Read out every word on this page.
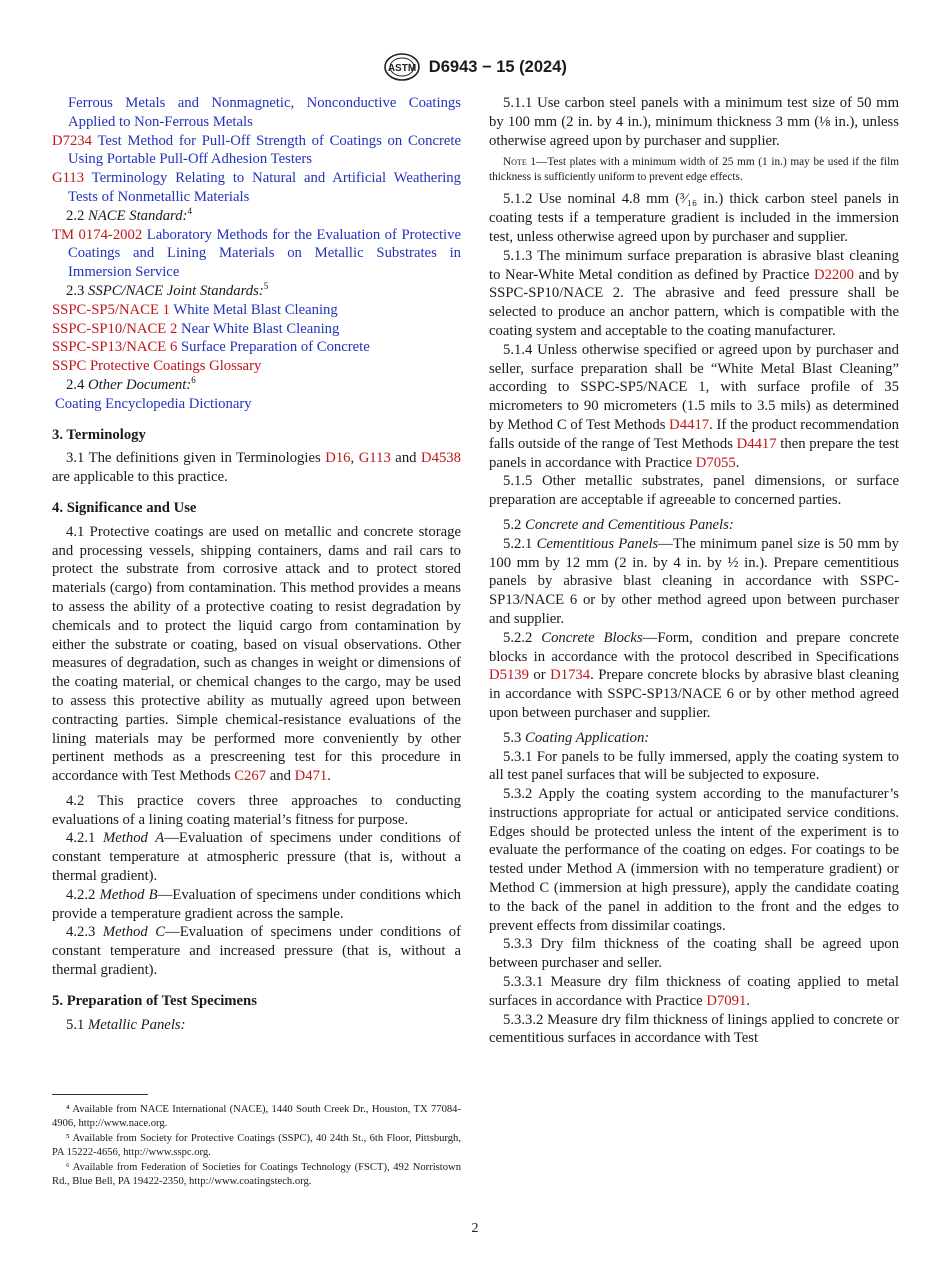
ASTM D6943 − 15 (2024)

Ferrous Metals and Nonmagnetic, Nonconductive Coatings Applied to Non-Ferrous Metals

D7234 Test Method for Pull-Off Strength of Coatings on Concrete Using Portable Pull-Off Adhesion Testers

G113 Terminology Relating to Natural and Artificial Weathering Tests of Nonmetallic Materials

2.2 NACE Standard:$^4$

TM 0174-2002 Laboratory Methods for the Evaluation of Protective Coatings and Lining Materials on Metallic Substrates in Immersion Service

2.3 SSPC/NACE Joint Standards:$^5$

SSPC-SP5/NACE 1 White Metal Blast Cleaning

SSPC-SP10/NACE 2 Near White Blast Cleaning

SSPC-SP13/NACE 6 Surface Preparation of Concrete

SSPC Protective Coatings Glossary

2.4 Other Document:$^6$

Coating Encyclopedia Dictionary

3. Terminology

3.1 The definitions given in Terminologies D16, G113 and D4538 are applicable to this practice.

4. Significance and Use

4.1 Protective coatings are used on metallic and concrete storage and processing vessels, shipping containers, dams and rail cars to protect the substrate from corrosive attack and to protect stored materials (cargo) from contamination. This method provides a means to assess the ability of a protective coating to resist degradation by chemicals and to protect the liquid cargo from contamination by either the substrate or coating, based on visual observations. Other measures of degradation, such as changes in weight or dimensions of the coating material, or chemical changes to the cargo, may be used to assess this protective ability as mutually agreed upon between contracting parties. Simple chemical-resistance evaluations of the lining materials may be performed more conveniently by other pertinent methods as a prescreening test for this procedure in accordance with Test Methods C267 and D471.

4.2 This practice covers three approaches to conducting evaluations of a lining coating material’s fitness for purpose.

4.2.1 Method A—Evaluation of specimens under conditions of constant temperature at atmospheric pressure (that is, without a thermal gradient).

4.2.2 Method B—Evaluation of specimens under conditions which provide a temperature gradient across the sample.

4.2.3 Method C—Evaluation of specimens under conditions of constant temperature and increased pressure (that is, without a thermal gradient).

5. Preparation of Test Specimens

5.1 Metallic Panels:

⁴ Available from NACE International (NACE), 1440 South Creek Dr., Houston, TX 77084-4906, http://www.nace.org.

⁵ Available from Society for Protective Coatings (SSPC), 40 24th St., 6th Floor, Pittsburgh, PA 15222-4656, http://www.sspc.org.

⁶ Available from Federation of Societies for Coatings Technology (FSCT), 492 Norristown Rd., Blue Bell, PA 19422-2350, http://www.coatingstech.org.

5.1.1 Use carbon steel panels with a minimum test size of 50 mm by 100 mm (2 in. by 4 in.), minimum thickness 3 mm (⅛ in.), unless otherwise agreed upon by purchaser and supplier.

Note 1—Test plates with a minimum width of 25 mm (1 in.) may be used if the film thickness is sufficiently uniform to prevent edge effects.

5.1.2 Use nominal 4.8 mm (³⁄₁₆ in.) thick carbon steel panels in coating tests if a temperature gradient is included in the immersion test, unless otherwise agreed upon by purchaser and supplier.

5.1.3 The minimum surface preparation is abrasive blast cleaning to Near-White Metal condition as defined by Practice D2200 and by SSPC-SP10/NACE 2. The abrasive and feed pressure shall be selected to produce an anchor pattern, which is compatible with the coating system and acceptable to the coating manufacturer.

5.1.4 Unless otherwise specified or agreed upon by purchaser and seller, surface preparation shall be “White Metal Blast Cleaning” according to SSPC-SP5/NACE 1, with surface profile of 35 micrometers to 90 micrometers (1.5 mils to 3.5 mils) as determined by Method C of Test Methods D4417. If the product recommendation falls outside of the range of Test Methods D4417 then prepare the test panels in accordance with Practice D7055.

5.1.5 Other metallic substrates, panel dimensions, or surface preparation are acceptable if agreeable to concerned parties.

5.2 Concrete and Cementitious Panels:

5.2.1 Cementitious Panels—The minimum panel size is 50 mm by 100 mm by 12 mm (2 in. by 4 in. by ½ in.). Prepare cementitious panels by abrasive blast cleaning in accordance with SSPC-SP13/NACE 6 or by other method agreed upon between purchaser and supplier.

5.2.2 Concrete Blocks—Form, condition and prepare concrete blocks in accordance with the protocol described in Specifications D5139 or D1734. Prepare concrete blocks by abrasive blast cleaning in accordance with SSPC-SP13/NACE 6 or by other method agreed upon between purchaser and supplier.

5.3 Coating Application:

5.3.1 For panels to be fully immersed, apply the coating system to all test panel surfaces that will be subjected to exposure.

5.3.2 Apply the coating system according to the manufacturer’s instructions appropriate for actual or anticipated service conditions. Edges should be protected unless the intent of the experiment is to evaluate the performance of the coating on edges. For coatings to be tested under Method A (immersion with no temperature gradient) or Method C (immersion at high pressure), apply the candidate coating to the back of the panel in addition to the front and the edges to prevent effects from dissimilar coatings.

5.3.3 Dry film thickness of the coating shall be agreed upon between purchaser and seller.

5.3.3.1 Measure dry film thickness of coating applied to metal surfaces in accordance with Practice D7091.

5.3.3.2 Measure dry film thickness of linings applied to concrete or cementitious surfaces in accordance with Test

2
